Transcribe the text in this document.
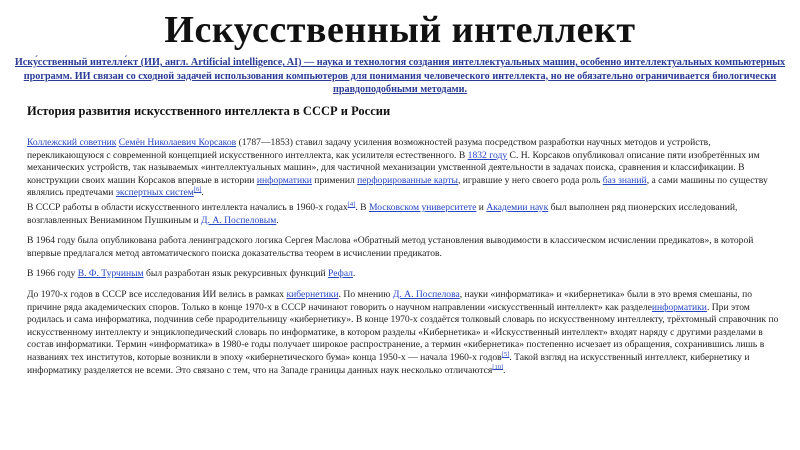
Искусственный интеллект
Иску́сственный интелле́кт (ИИ, англ. Artificial intelligence, AI) — наука и технология создания интеллектуальных машин, особенно интеллектуальных компьютерных программ. ИИ связан со сходной задачей использования компьютеров для понимания человеческого интеллекта, но не обязательно ограничивается биологически правдоподобными методами.
История развития искусственного интеллекта в СССР и России

Коллежский советник Семён Николаевич Корсаков (1787—1853) ставил задачу усиления возможностей разума посредством разработки научных методов и устройств, перекликающуюся с современной концепцией искусственного интеллекта, как усилителя естественного. В 1832 году С. Н. Корсаков опубликовал описание пяти изобретённых им механических устройств, так называемых «интеллектуальных машин», для частичной механизации умственной деятельности в задачах поиска, сравнения и классификации. В конструкции своих машин Корсаков впервые в истории информатики применил перфорированные карты, игравшие у него своего рода роль баз знаний, а сами машины по существу являлись предтечами экспертных систем[6].

В СССР работы в области искусственного интеллекта начались в 1960-х годах[4]. В Московском университете и Академии наук был выполнен ряд пионерских исследований, возглавленных Вениамином Пушкиным и Д. А. Поспеловым.

В 1964 году была опубликована работа ленинградского логика Сергея Маслова «Обратный метод установления выводимости в классическом исчислении предикатов», в которой впервые предлагался метод автоматического поиска доказательства теорем в исчислении предикатов.

В 1966 году В. Ф. Турчиным был разработан язык рекурсивных функций Рефал.

До 1970-х годов в СССР все исследования ИИ велись в рамках кибернетики. По мнению Д. А. Поспелова, науки «информатика» и «кибернетика» были в это время смешаны, по причине ряда академических споров. Только в конце 1970-х в СССР начинают говорить о научном направлении «искусственный интеллект» как разделеинформатики. При этом родилась и сама информатика, подчинив себе прародительницу «кибернетику». В конце 1970-х создаётся толковый словарь по искусственному интеллекту, трёхтомный справочник по искусственному интеллекту и энциклопедический словарь по информатике, в котором разделы «Кибернетика» и «Искусственный интеллект» входят наряду с другими разделами в состав информатики. Термин «информатика» в 1980-е годы получает широкое распространение, а термин «кибернетика» постепенно исчезает из обращения, сохранившись лишь в названиях тех институтов, которые возникли в эпоху «кибернетического бума» конца 1950-х — начала 1960-х годов[5]. Такой взгляд на искусственный интеллект, кибернетику и информатику разделяется не всеми. Это связано с тем, что на Западе границы данных наук несколько отличаются[10].
